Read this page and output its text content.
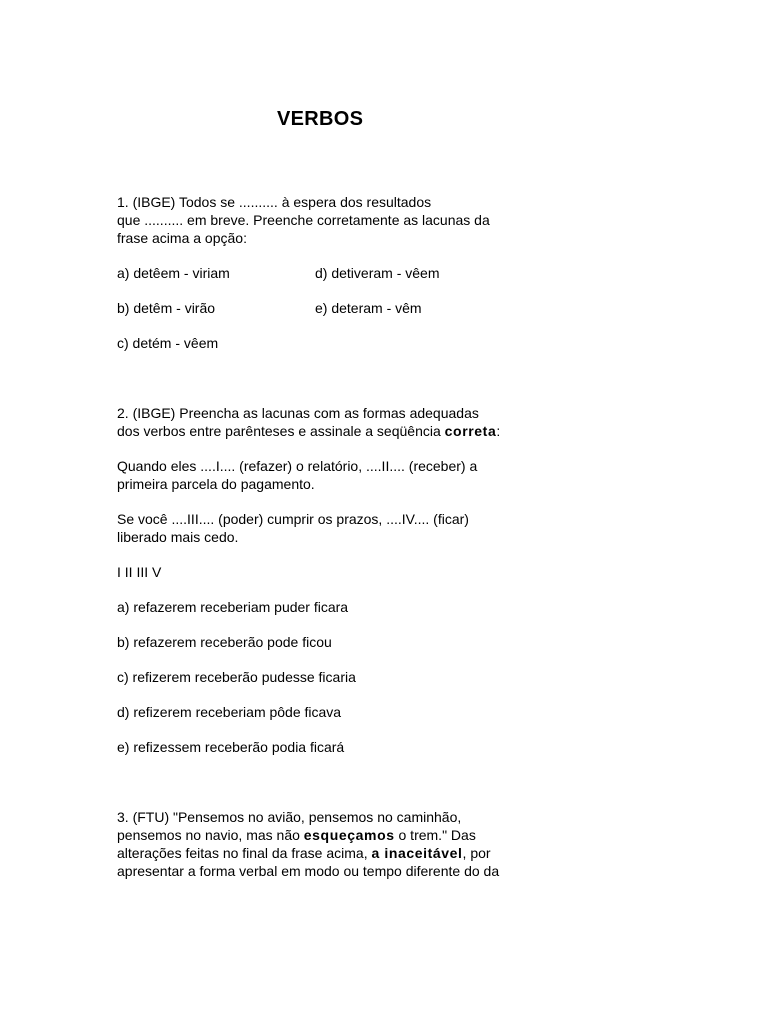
VERBOS

1. (IBGE) Todos se .......... à espera dos resultados
que .......... em breve. Preenche corretamente as lacunas da
frase acima a opção:

a) detêem - viriam	d) detiveram - vêem
b) detêm - virão	e) deteram - vêm
c) detém - vêem

2. (IBGE) Preencha as lacunas com as formas adequadas
dos verbos entre parênteses e assinale a seqüência correta:

Quando eles ....I.... (refazer) o relatório, ....II.... (receber) a
primeira parcela do pagamento.

Se você ....III.... (poder) cumprir os prazos, ....IV.... (ficar)
liberado mais cedo.

I II III V

a) refazerem receberiam puder ficara

b) refazerem receberão pode ficou

c) refizerem receberão pudesse ficaria

d) refizerem receberiam pôde ficava

e) refizessem receberão podia ficará

3. (FTU) "Pensemos no avião, pensemos no caminhão,
pensemos no navio, mas não esqueçamos o trem." Das
alterações feitas no final da frase acima, a inaceitável, por
apresentar a forma verbal em modo ou tempo diferente do da
